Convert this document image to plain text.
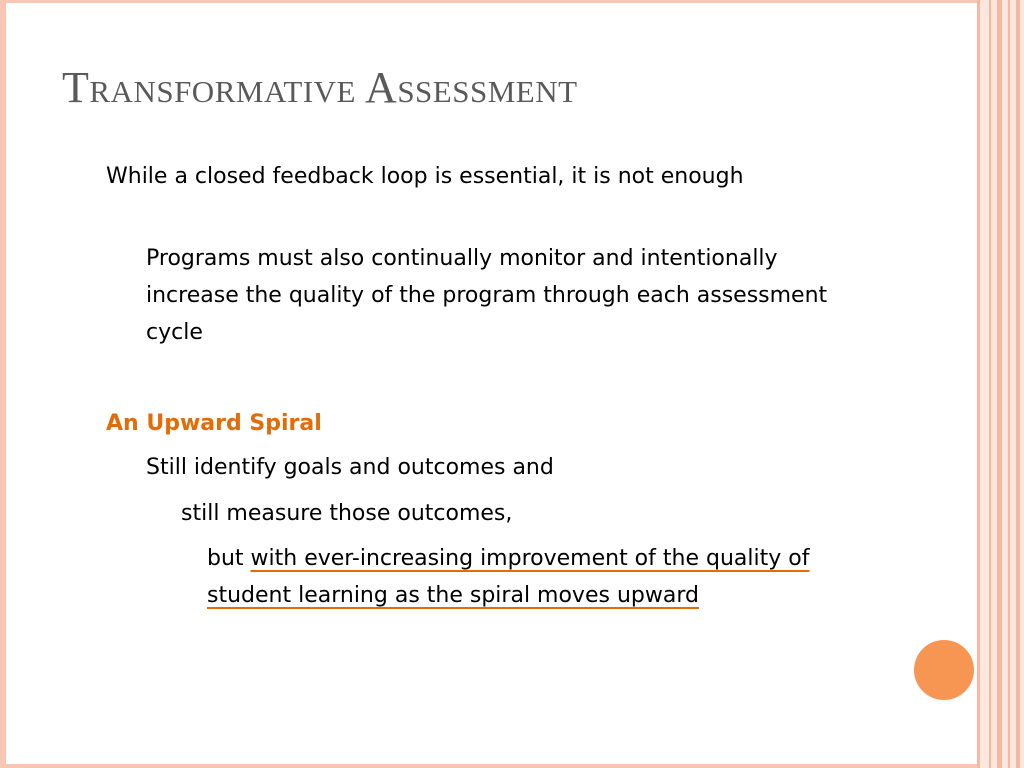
Transformative Assessment

While a closed feedback loop is essential, it is not enough

Programs must also continually monitor and intentionally increase the quality of the program through each assessment cycle

An Upward Spiral

Still identify goals and outcomes and

still measure those outcomes,

but with ever-increasing improvement of the quality of student learning as the spiral moves upward
